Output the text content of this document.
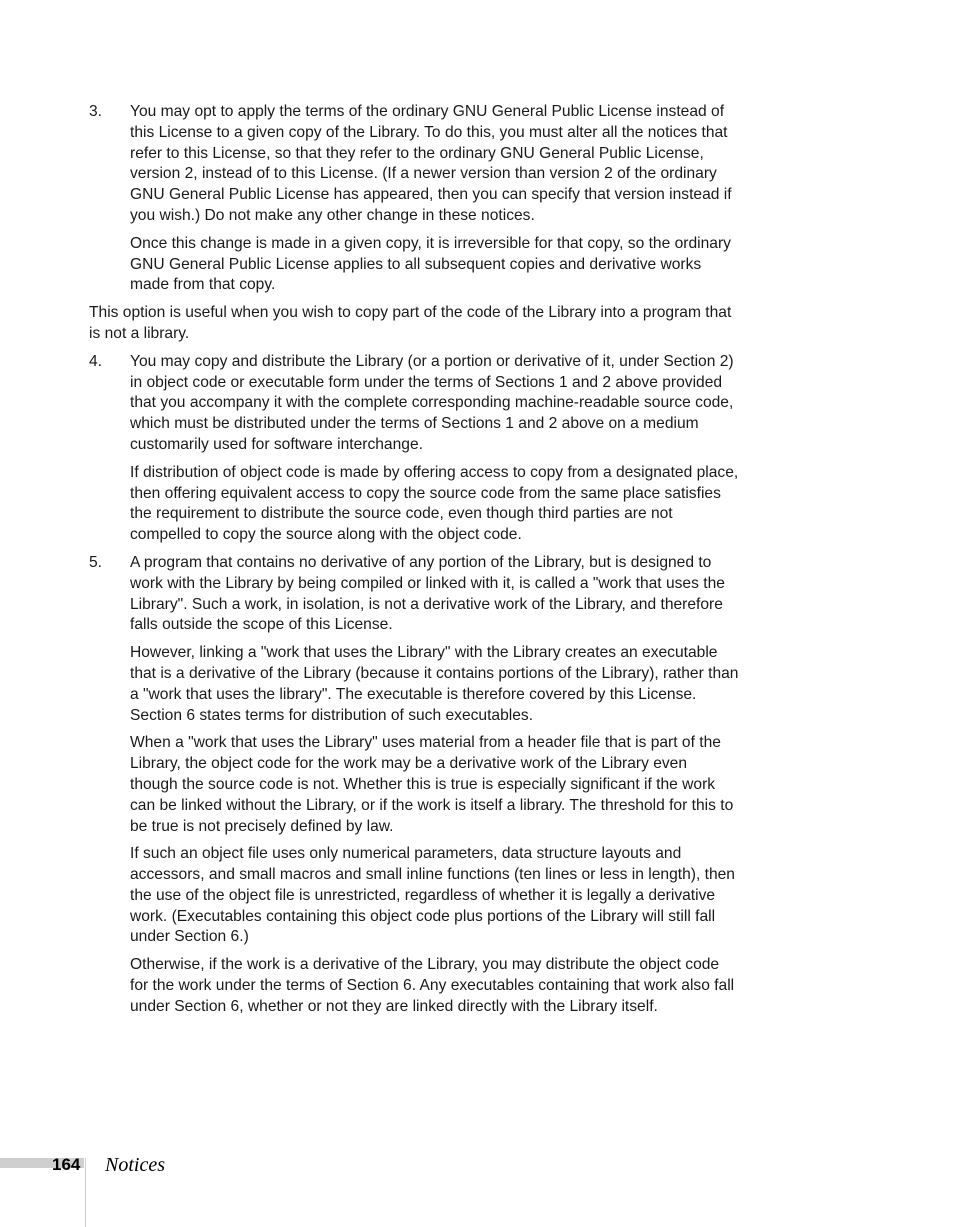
3.	You may opt to apply the terms of the ordinary GNU General Public License instead of this License to a given copy of the Library. To do this, you must alter all the notices that refer to this License, so that they refer to the ordinary GNU General Public License, version 2, instead of to this License. (If a newer version than version 2 of the ordinary GNU General Public License has appeared, then you can specify that version instead if you wish.) Do not make any other change in these notices.

Once this change is made in a given copy, it is irreversible for that copy, so the ordinary GNU General Public License applies to all subsequent copies and derivative works made from that copy.

This option is useful when you wish to copy part of the code of the Library into a program that is not a library.

4.	You may copy and distribute the Library (or a portion or derivative of it, under Section 2) in object code or executable form under the terms of Sections 1 and 2 above provided that you accompany it with the complete corresponding machine-readable source code, which must be distributed under the terms of Sections 1 and 2 above on a medium customarily used for software interchange.

If distribution of object code is made by offering access to copy from a designated place, then offering equivalent access to copy the source code from the same place satisfies the requirement to distribute the source code, even though third parties are not compelled to copy the source along with the object code.

5.	A program that contains no derivative of any portion of the Library, but is designed to work with the Library by being compiled or linked with it, is called a "work that uses the Library". Such a work, in isolation, is not a derivative work of the Library, and therefore falls outside the scope of this License.

However, linking a "work that uses the Library" with the Library creates an executable that is a derivative of the Library (because it contains portions of the Library), rather than a "work that uses the library". The executable is therefore covered by this License. Section 6 states terms for distribution of such executables.

When a "work that uses the Library" uses material from a header file that is part of the Library, the object code for the work may be a derivative work of the Library even though the source code is not. Whether this is true is especially significant if the work can be linked without the Library, or if the work is itself a library. The threshold for this to be true is not precisely defined by law.

If such an object file uses only numerical parameters, data structure layouts and accessors, and small macros and small inline functions (ten lines or less in length), then the use of the object file is unrestricted, regardless of whether it is legally a derivative work. (Executables containing this object code plus portions of the Library will still fall under Section 6.)

Otherwise, if the work is a derivative of the Library, you may distribute the object code for the work under the terms of Section 6. Any executables containing that work also fall under Section 6, whether or not they are linked directly with the Library itself.

164 Notices
